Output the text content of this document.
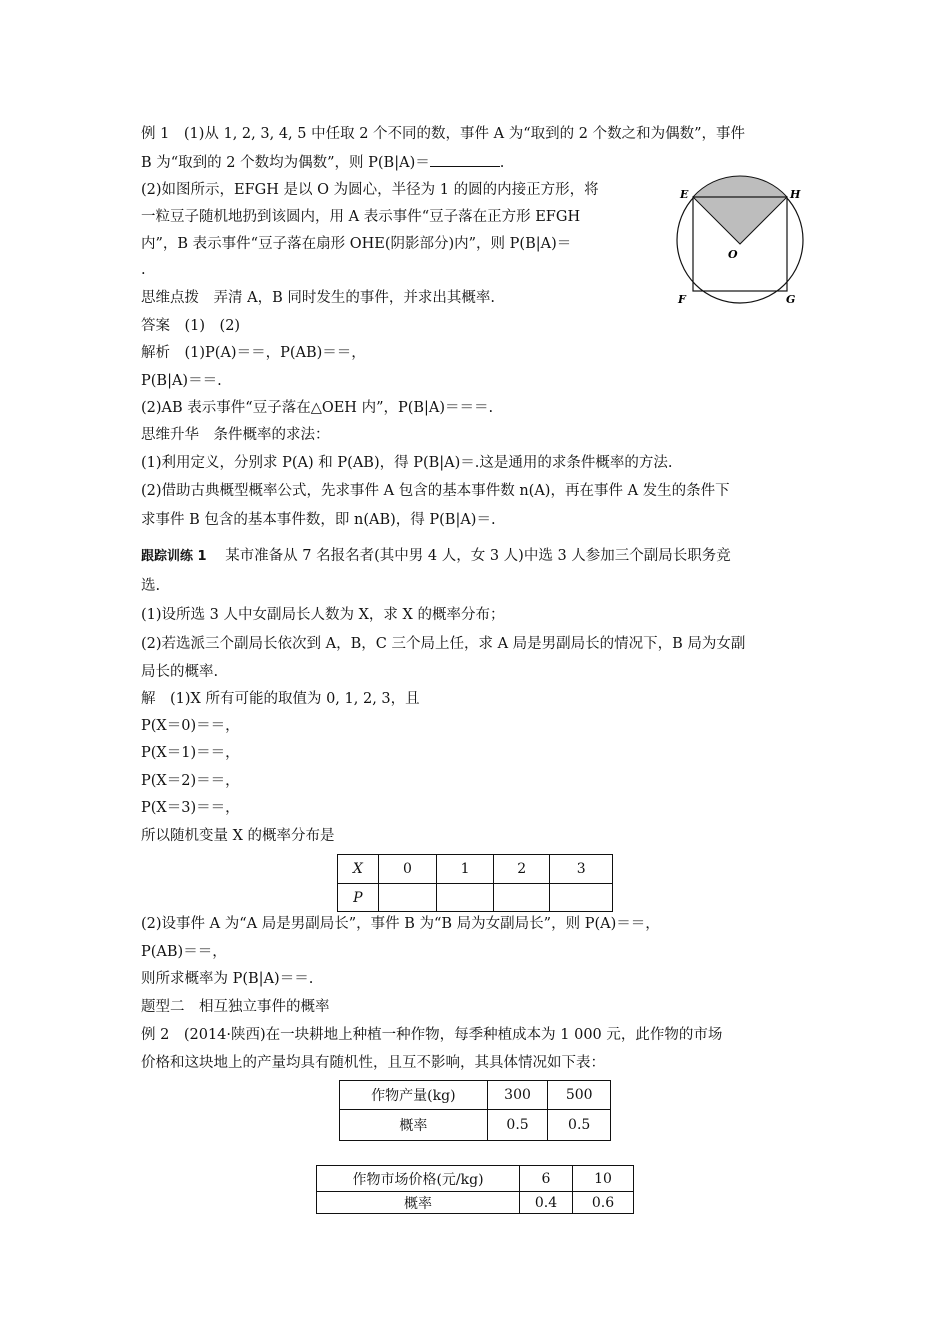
例 1　(1)从 1, 2, 3, 4, 5 中任取 2 个不同的数，事件 A 为“取到的 2 个数之和为偶数”，事件
B 为“取到的 2 个数均为偶数”，则 P(B|A)＝	.
(2)如图所示，EFGH 是以 O 为圆心，半径为 1 的圆的内接正方形，将
一粒豆子随机地扔到该圆内，用 A 表示事件“豆子落在正方形 EFGH
内”，B 表示事件“豆子落在扇形 OHE(阴影部分)内”，则 P(B|A)＝
.
E	H
O
F	G
思维点拨　弄清 A，B 同时发生的事件，并求出其概率.
答案　(1)　(2)
解析　(1)P(A)＝＝，P(AB)＝＝，
P(B|A)＝＝.
(2)AB 表示事件“豆子落在△OEH 内”，P(B|A)＝＝＝.
思维升华　条件概率的求法：
(1)利用定义，分别求 P(A) 和 P(AB)，得 P(B|A)＝.这是通用的求条件概率的方法.
(2)借助古典概型概率公式，先求事件 A 包含的基本事件数 n(A)，再在事件 A 发生的条件下
求事件 B 包含的基本事件数，即 n(AB)，得 P(B|A)＝.
跟踪训练 1 某市准备从 7 名报名者(其中男 4 人，女 3 人)中选 3 人参加三个副局长职务竞
选.
(1)设所选 3 人中女副局长人数为 X，求 X 的概率分布；
(2)若选派三个副局长依次到 A，B，C 三个局上任，求 A 局是男副局长的情况下，B 局为女副
局长的概率.
解　(1)X 所有可能的取值为 0, 1, 2, 3，且
P(X＝0)＝＝，
P(X＝1)＝＝，
P(X＝2)＝＝，
P(X＝3)＝＝，
所以随机变量 X 的概率分布是
X	0	1	2	3
P				
(2)设事件 A 为“A 局是男副局长”，事件 B 为“B 局为女副局长”，则 P(A)＝＝，
P(AB)＝＝，
则所求概率为 P(B|A)＝＝.
题型二　相互独立事件的概率
例 2　(2014·陕西)在一块耕地上种植一种作物，每季种植成本为 1 000 元，此作物的市场
价格和这块地上的产量均具有随机性，且互不影响，其具体情况如下表：
作物产量(kg)	300	500
概率	0.5	0.5
作物市场价格(元/kg)	6	10
概率	0.4	0.6
